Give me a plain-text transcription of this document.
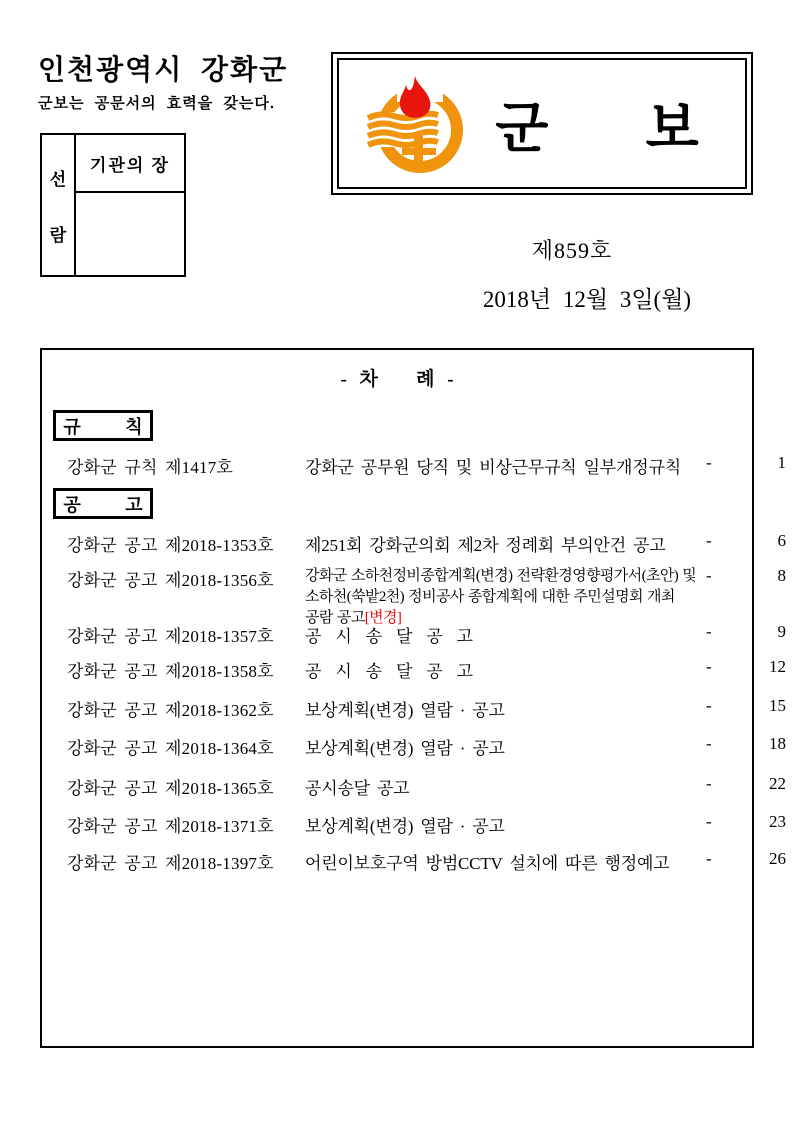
인천광역시 강화군
군보는 공문서의 효력을 갖는다.
선
람
기관의 장
군 보
제859호
2018년 12월 3일(월)
- 차   례 -
규 칙
강화군 규칙 제1417호	강화군 공무원 당직 및 비상근무규칙 일부개정규칙	-	1
공 고
강화군 공고 제2018-1353호 제251회 강화군의회 제2차 정례회 부의안건 공고	-	6
강화군 공고 제2018-1356호 강화군 소하천정비종합계획(변경) 전략환경영향평가서(초안) 및
소하천(쑥밭2천) 정비공사 종합계획에 대한 주민설명회 개최
공람 공고[변경]
-	8
강화군 공고 제2018-1357호 공  시  송  달  공  고	-	9
강화군 공고 제2018-1358호 공  시  송  달  공  고	-	12
강화군 공고 제2018-1362호 보상계획(변경) 열람 · 공고	-	15
강화군 공고 제2018-1364호 보상계획(변경) 열람 · 공고	-	18
강화군 공고 제2018-1365호 공시송달 공고	-	22
강화군 공고 제2018-1371호 보상계획(변경) 열람 · 공고	-	23
강화군 공고 제2018-1397호 어린이보호구역 방범CCTV 설치에 따른 행정예고	-	26
